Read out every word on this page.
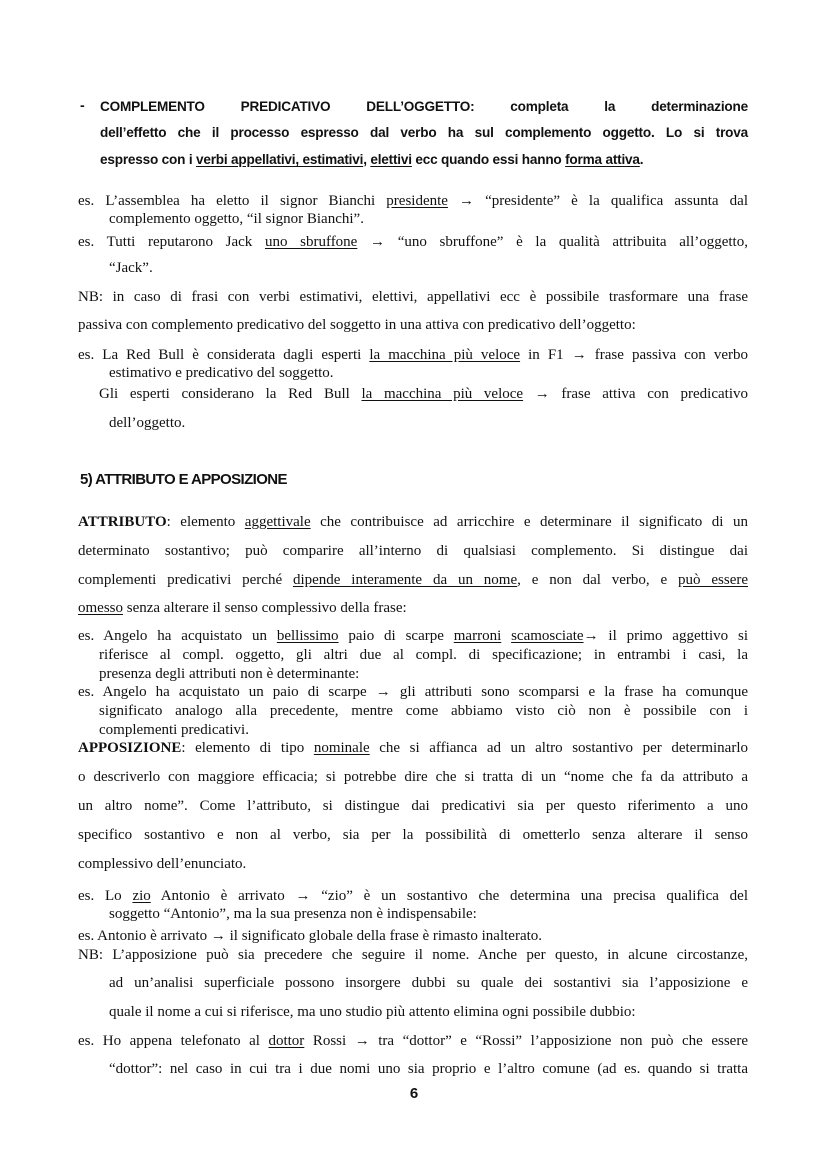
- COMPLEMENTO PREDICATIVO DELL’OGGETTO: completa la determinazione
dell’effetto che il processo espresso dal verbo ha sul complemento oggetto. Lo si trova
espresso con i verbi appellativi, estimativi, elettivi ecc quando essi hanno forma attiva.
es. L’assemblea ha eletto il signor Bianchi presidente → “presidente” è la qualifica assunta dal
complemento oggetto, “il signor Bianchi”.
es. Tutti reputarono Jack uno sbruffone → “uno sbruffone” è la qualità attribuita all’oggetto,
“Jack”.
NB: in caso di frasi con verbi estimativi, elettivi, appellativi ecc è possibile trasformare una frase
passiva con complemento predicativo del soggetto in una attiva con predicativo dell’oggetto:
es. La Red Bull è considerata dagli esperti la macchina più veloce in F1 → frase passiva con verbo
estimativo e predicativo del soggetto.
Gli esperti considerano la Red Bull la macchina più veloce → frase attiva con predicativo
dell’oggetto.
5) ATTRIBUTO E APPOSIZIONE
ATTRIBUTO: elemento aggettivale che contribuisce ad arricchire e determinare il significato di un
determinato sostantivo; può comparire all’interno di qualsiasi complemento. Si distingue dai
complementi predicativi perché dipende interamente da un nome, e non dal verbo, e può essere
omesso senza alterare il senso complessivo della frase:
es. Angelo ha acquistato un bellissimo paio di scarpe marroni scamosciate→ il primo aggettivo si
riferisce al compl. oggetto, gli altri due al compl. di specificazione; in entrambi i casi, la
presenza degli attributi non è determinante:
es. Angelo ha acquistato un paio di scarpe → gli attributi sono scomparsi e la frase ha comunque
significato analogo alla precedente, mentre come abbiamo visto ciò non è possibile con i
complementi predicativi.
APPOSIZIONE: elemento di tipo nominale che si affianca ad un altro sostantivo per determinarlo
o descriverlo con maggiore efficacia; si potrebbe dire che si tratta di un “nome che fa da attributo a
un altro nome”. Come l’attributo, si distingue dai predicativi sia per questo riferimento a uno
specifico sostantivo e non al verbo, sia per la possibilità di ometterlo senza alterare il senso
complessivo dell’enunciato.
es. Lo zio Antonio è arrivato → “zio” è un sostantivo che determina una precisa qualifica del
soggetto “Antonio”, ma la sua presenza non è indispensabile:
es. Antonio è arrivato → il significato globale della frase è rimasto inalterato.
NB: L’apposizione può sia precedere che seguire il nome. Anche per questo, in alcune circostanze,
ad un’analisi superficiale possono insorgere dubbi su quale dei sostantivi sia l’apposizione e
quale il nome a cui si riferisce, ma uno studio più attento elimina ogni possibile dubbio:
es. Ho appena telefonato al dottor Rossi → tra “dottor” e “Rossi” l’apposizione non può che essere
“dottor”: nel caso in cui tra i due nomi uno sia proprio e l’altro comune (ad es. quando si tratta
6
